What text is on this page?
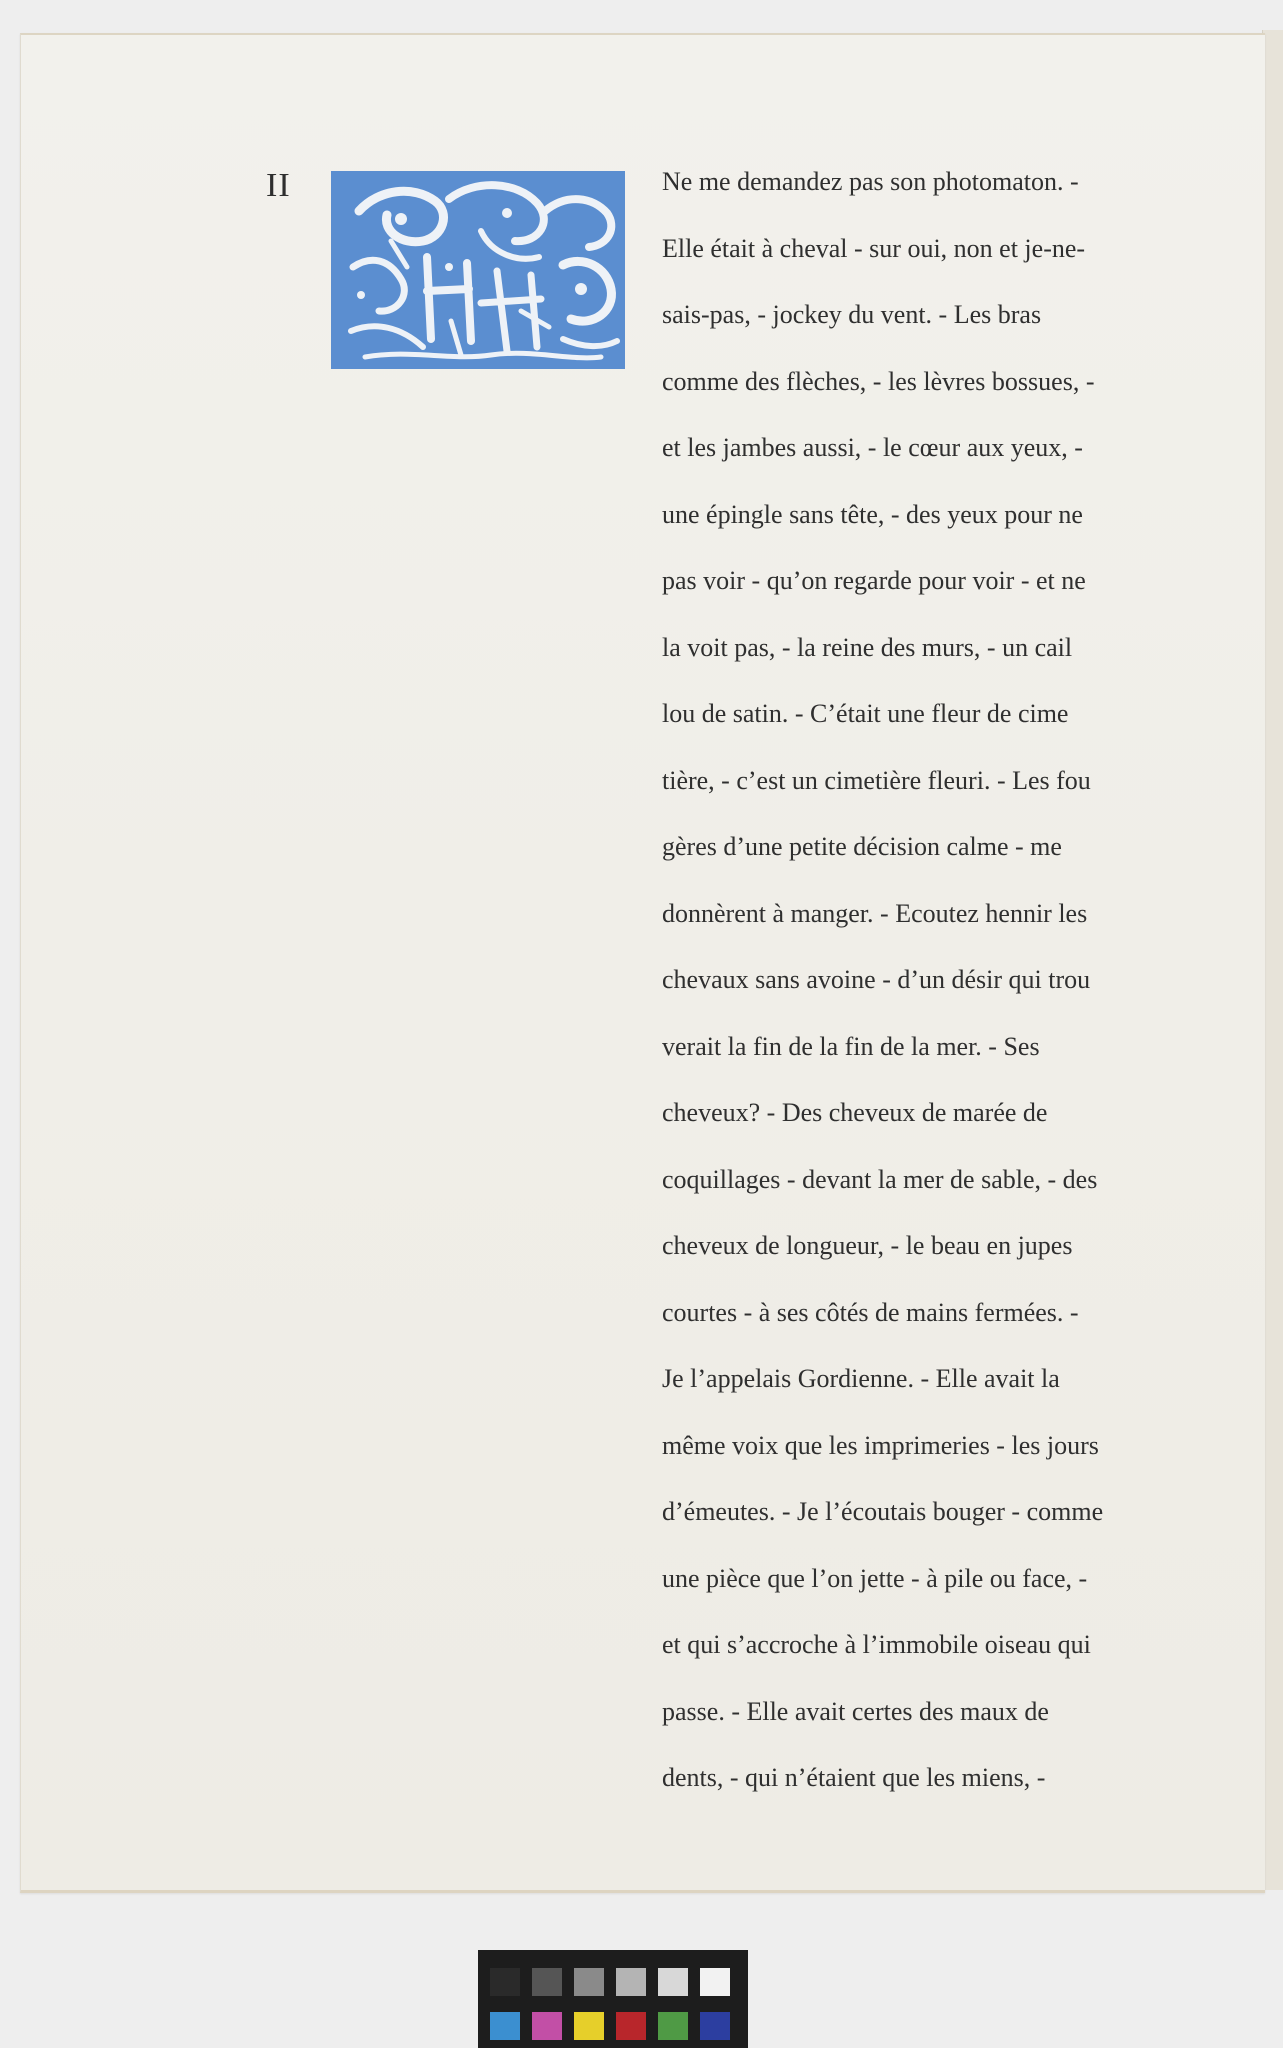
II	Ne me demandez pas son photomaton. -
Elle était à cheval - sur oui, non et je-ne-
sais-pas, - jockey du vent. - Les bras
comme des flèches, - les lèvres bossues, -
et les jambes aussi, - le cœur aux yeux, -
une épingle sans tête, - des yeux pour ne
pas voir - qu’on regarde pour voir - et ne
la voit pas, - la reine des murs, - un cail
lou de satin. - C’était une fleur de cime
tière, - c’est un cimetière fleuri. - Les fou
gères d’une petite décision calme - me
donnèrent à manger. - Ecoutez hennir les
chevaux sans avoine - d’un désir qui trou
verait la fin de la fin de la mer. - Ses
cheveux? - Des cheveux de marée de
coquillages - devant la mer de sable, - des
cheveux de longueur, - le beau en jupes
courtes - à ses côtés de mains fermées. -
Je l’appelais Gordienne. - Elle avait la
même voix que les imprimeries - les jours
d’émeutes. - Je l’écoutais bouger - comme
une pièce que l’on jette - à pile ou face, -
et qui s’accroche à l’immobile oiseau qui
passe. - Elle avait certes des maux de
dents, - qui n’étaient que les miens, -
